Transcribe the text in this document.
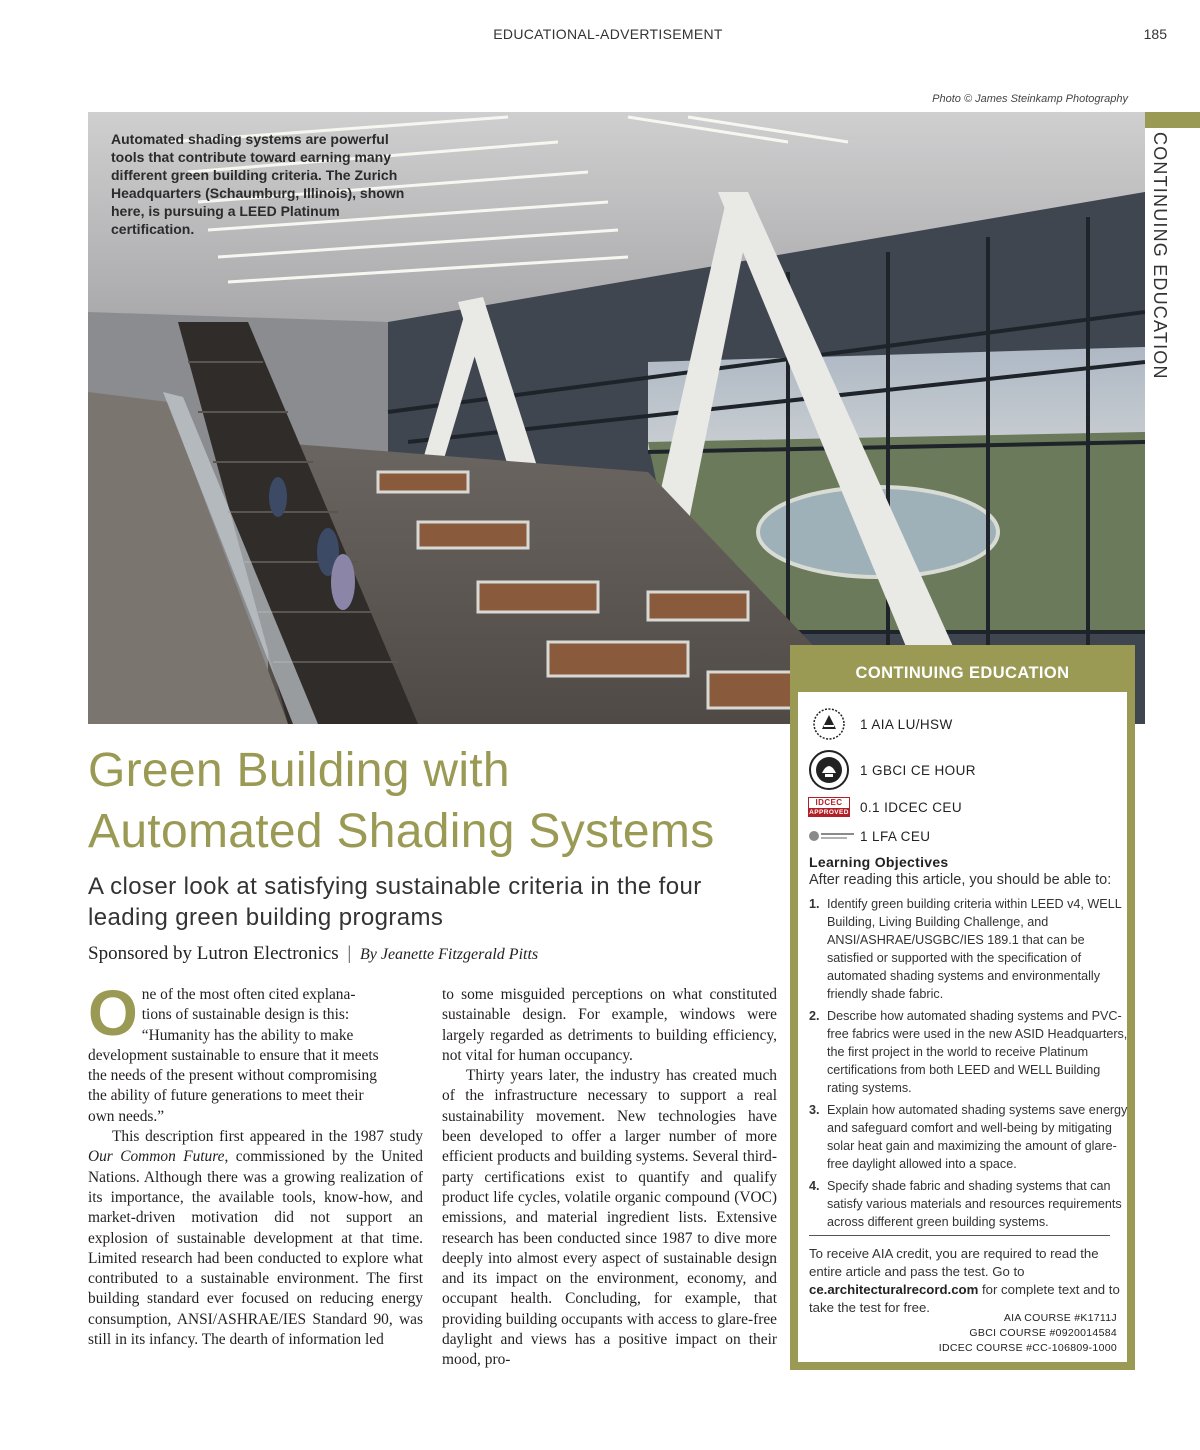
EDUCATIONAL-ADVERTISEMENT	185
Photo © James Steinkamp Photography
CONTINUING EDUCATION
Automated shading systems are powerful tools that contribute toward earning many different green building criteria. The Zurich Headquarters (Schaumburg, Illinois), shown here, is pursuing a LEED Platinum certification.
Green Building with
Automated Shading Systems
A closer look at satisfying sustainable criteria in the four leading green building programs
Sponsored by Lutron Electronics | By Jeanette Fitzgerald Pitts

O ne of the most often cited explana-
tions of sustainable design is this:
“Humanity has the ability to make
development sustainable to ensure that it meets
the needs of the present without compromising
the ability of future generations to meet their
own needs.”

This description first appeared in the 1987 study Our Common Future, commissioned by the United Nations. Although there was a growing realization of its importance, the available tools, know-how, and market-driven motivation did not support an explosion of sustainable development at that time. Limited research had been conducted to explore what contributed to a sustainable environment. The first building standard ever focused on reducing energy consumption, ANSI/ASHRAE/IES Standard 90, was still in its infancy. The dearth of information led

to some misguided perceptions on what constituted sustainable design. For example, windows were largely regarded as detriments to building efficiency, not vital for human occupancy.

Thirty years later, the industry has created much of the infrastructure necessary to support a real sustainability movement. New technologies have been developed to offer a larger number of more efficient products and building systems. Several third-party certifications exist to quantify and qualify product life cycles, volatile organic compound (VOC) emissions, and material ingredient lists. Extensive research has been conducted since 1987 to dive more deeply into almost every aspect of sustainable design and its impact on the environment, economy, and occupant health. Concluding, for example, that providing building occupants with access to glare-free daylight and views has a positive impact on their mood, pro-

CONTINUING EDUCATION
1 AIA LU/HSW
1 GBCI CE HOUR
IDCEC
APPROVED 0.1 IDCEC CEU
1 LFA CEU
Learning Objectives
After reading this article, you should be able to:
1. Identify green building criteria within LEED v4, WELL Building, Living Building Challenge, and ANSI/ASHRAE/USGBC/IES 189.1 that can be satisfied or supported with the specification of automated shading systems and environmentally friendly shade fabric.
2. Describe how automated shading systems and PVC-free fabrics were used in the new ASID Headquarters, the first project in the world to receive Platinum certifications from both LEED and WELL Building rating systems.
3. Explain how automated shading systems save energy and safeguard comfort and well-being by mitigating solar heat gain and maximizing the amount of glare-free daylight allowed into a space.
4. Specify shade fabric and shading systems that can satisfy various materials and resources requirements across different green building systems.
To receive AIA credit, you are required to read the entire article and pass the test. Go to ce.architecturalrecord.com for complete text and to take the test for free.
AIA COURSE #K1711J
GBCI COURSE #0920014584
IDCEC COURSE #CC-106809-1000
